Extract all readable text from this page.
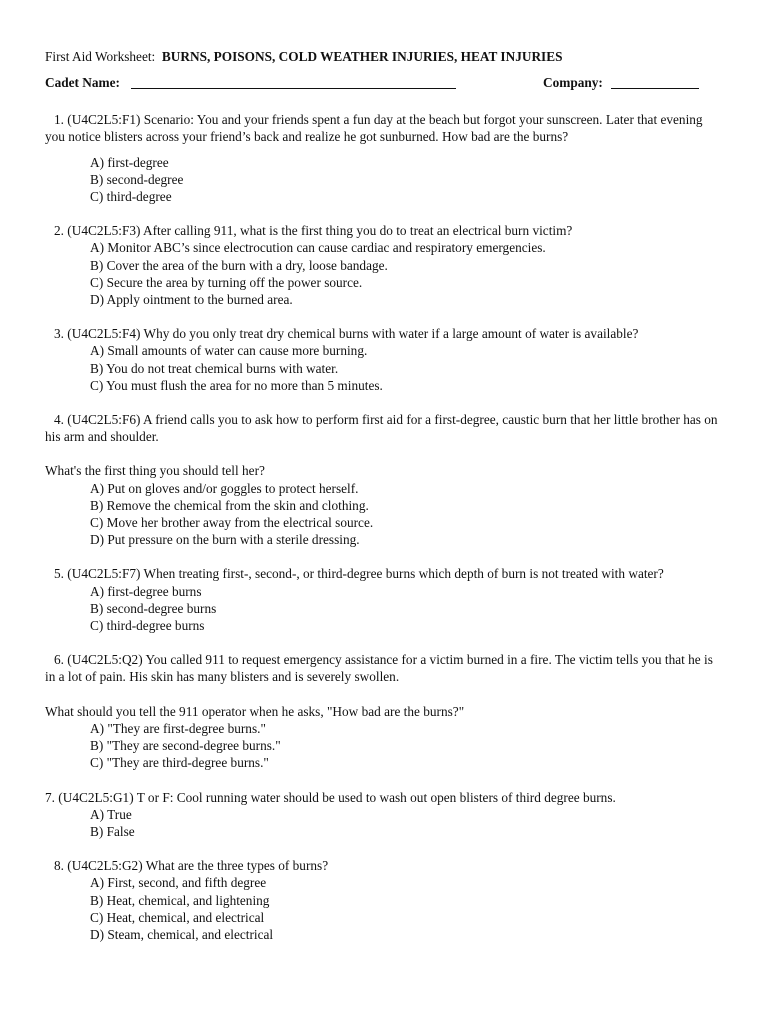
First Aid Worksheet: BURNS, POISONS, COLD WEATHER INJURIES, HEAT INJURIES
Cadet Name:	Company:

1. (U4C2L5:F1) Scenario: You and your friends spent a fun day at the beach but forgot your sunscreen. Later that evening you notice blisters across your friend’s back and realize he got sunburned. How bad are the burns?

A) first-degree
B) second-degree
C) third-degree

2. (U4C2L5:F3) After calling 911, what is the first thing you do to treat an electrical burn victim?

A) Monitor ABC’s since electrocution can cause cardiac and respiratory emergencies.
B) Cover the area of the burn with a dry, loose bandage.
C) Secure the area by turning off the power source.
D) Apply ointment to the burned area.

3. (U4C2L5:F4) Why do you only treat dry chemical burns with water if a large amount of water is available?

A) Small amounts of water can cause more burning.
B) You do not treat chemical burns with water.
C) You must flush the area for no more than 5 minutes.

4. (U4C2L5:F6) A friend calls you to ask how to perform first aid for a first-degree, caustic burn that her little brother has on his arm and shoulder.

What's the first thing you should tell her?

A) Put on gloves and/or goggles to protect herself.
B) Remove the chemical from the skin and clothing.
C) Move her brother away from the electrical source.
D) Put pressure on the burn with a sterile dressing.

5. (U4C2L5:F7) When treating first-, second-, or third-degree burns which depth of burn is not treated with water?

A) first-degree burns
B) second-degree burns
C) third-degree burns

6. (U4C2L5:Q2) You called 911 to request emergency assistance for a victim burned in a fire. The victim tells you that he is in a lot of pain. His skin has many blisters and is severely swollen.

What should you tell the 911 operator when he asks, "How bad are the burns?"

A) "They are first-degree burns."
B) "They are second-degree burns."
C) "They are third-degree burns."

7. (U4C2L5:G1) T or F: Cool running water should be used to wash out open blisters of third degree burns.

A) True
B) False

8. (U4C2L5:G2) What are the three types of burns?

A) First, second, and fifth degree
B) Heat, chemical, and lightening
C) Heat, chemical, and electrical
D) Steam, chemical, and electrical
